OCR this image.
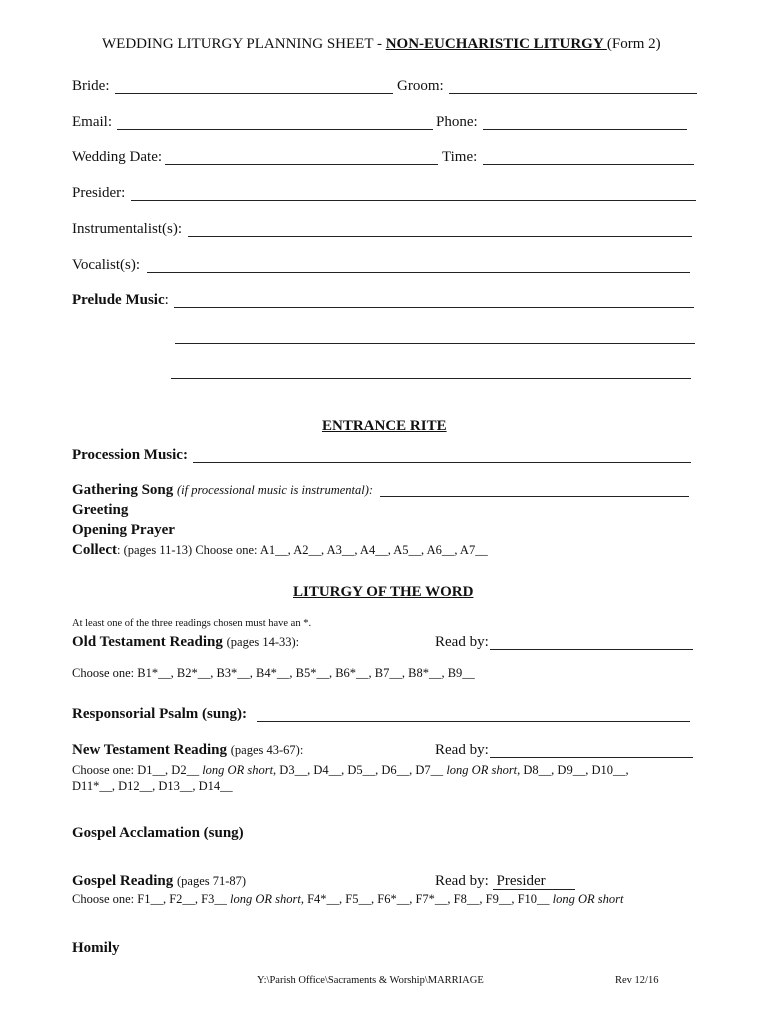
WEDDING LITURGY PLANNING SHEET - NON-EUCHARISTIC LITURGY (Form 2)
Bride:	Groom:
Email:	Phone:
Wedding Date:	Time:
Presider:
Instrumentalist(s):
Vocalist(s):
Prelude Music:
ENTRANCE RITE
Procession Music:
Gathering Song (if processional music is instrumental):
Greeting
Opening Prayer
Collect: (pages 11-13) Choose one: A1__, A2__, A3__, A4__, A5__, A6__, A7__
LITURGY OF THE WORD
At least one of the three readings chosen must have an *.
Old Testament Reading (pages 14-33):	Read by:
Choose one: B1*__, B2*__, B3*__, B4*__, B5*__, B6*__, B7__, B8*__, B9__
Responsorial Psalm (sung):
New Testament Reading (pages 43-67):	Read by:
Choose one: D1__, D2__ long OR short, D3__, D4__, D5__, D6__, D7__ long OR short, D8__, D9__, D10__,
D11*__, D12__, D13__, D14__
Gospel Acclamation (sung)
Gospel Reading (pages 71-87)	Read by: Presider
Choose one: F1__, F2__, F3__ long OR short, F4*__, F5__, F6*__, F7*__, F8__, F9__, F10__ long OR short
Homily
Y:\Parish Office\Sacraments & Worship\MARRIAGE	Rev 12/16
